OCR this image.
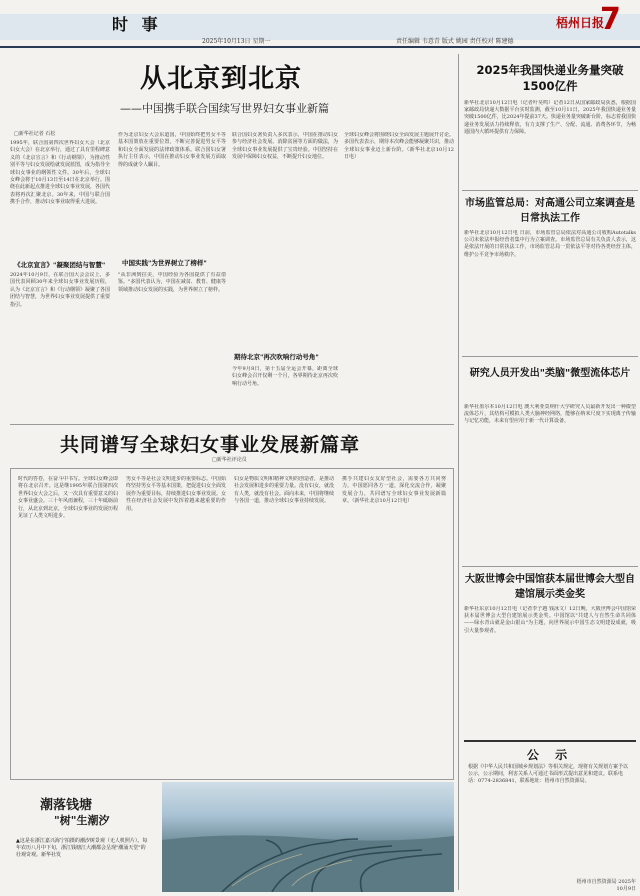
时 事
2025年10月13日 星期一	责任编辑 韦意青 版式 姚园 责任校对 陈建德
梧州日报
7
从北京到北京
——中国携手联合国续写世界妇女事业新篇
□新华社记者 石松
1995年，联合国第四次世界妇女大会（北京妇女大会）在北京举行，通过了具有里程碑意义的《北京宣言》和《行动纲领》，为推动性别平等与妇女发展绘就发展蓝图，成为指导全球妇女事业的纲领性文件。30年后，全球妇女峰会将于10月13日至14日在北京举行。围绕在此新起点推进全球妇女事业发展，各国代表将再次汇聚北京。30年来，中国与联合国携手合作，推动妇女事业取得重大进展。
《北京宣言》"凝聚团结与智慧"
2024年10月9日，在联合国大会会议上，多国代表回顾30年来全球妇女事业发展历程，认为《北京宣言》和《行动纲领》凝聚了各国团结与智慧，为世界妇女事业发展提供了重要指引。
作为北京妇女大会东道国，中国始终把男女平等基本国策放在重要位置，不断完善促进男女平等和妇女全面发展的法律政策体系。联合国妇女署执行主任表示，中国在推动妇女事业发展方面取得的成就令人瞩目。
中国实践"为世界树立了榜样"
"从非洲到拉美，中国经验为各国提供了有益借鉴。"多国代表认为，中国在减贫、教育、健康等领域推动妇女发展的实践，为世界树立了榜样。
联合国妇女署负责人多次表示，中国在推动妇女参与经济社会发展、消除贫困等方面的做法，为全球妇女事业发展提供了宝贵经验。中国坚持在发展中保障妇女权益，不断提升妇女地位。
期待北京"再次吹响行动号角"
今年9月8日，第十五届全运会开幕，距离全球妇女峰会召开仅剩一个月，各界期待北京再次吹响行动号角。
全球妇女峰会将围绕妇女全面发展主题展开讨论。多国代表表示，期待本次峰会能够凝聚共识，推动全球妇女事业迈上新台阶。（新华社北京10月12日电）
共同谱写全球妇女事业发展新篇章
□新华社评论员
时代的答卷，在奋斗中书写。全球妇女峰会即将在北京召开。这是继1995年联合国第四次世界妇女大会之后，又一次具有重要意义的妇女事业盛会。三十年风雨兼程，三十年砥砺前行，从北京到北京，全球妇女事业的发展历程见证了人类文明进步。
男女平等是社会文明进步的重要标志。中国始终坚持男女平等基本国策，把促进妇女全面发展作为重要目标，持续推进妇女事业发展。女性在经济社会发展中发挥着越来越重要的作用。
妇女是物质文明和精神文明的创造者，是推动社会发展和进步的重要力量。没有妇女，就没有人类，就没有社会。面向未来，中国将继续与各国一道，推动全球妇女事业持续发展。
携手共建妇女友好型社会，需要各方共同努力。中国愿同各方一道，深化交流合作，凝聚发展合力，共同谱写全球妇女事业发展新篇章。（新华社北京10月12日电）
潮落钱塘
"树"生潮汐
▲这是在浙江嘉兴海宁拍摄的潮汐树景观（无人机照片）。每年农历八月中下旬，浙江钱塘江大潮都会呈现"潮涌天堂"的壮观奇观。新华社发
2025年我国快递业务量突破1500亿件
新华社北京10月12日电（记者叶昊鸣）记者12日从国家邮政局获悉，根据国家邮政局快递大数据平台实时监测，截至10月11日，2025年我国快递业务量突破1500亿件，比2024年提前37天。快递业务量突破新台阶，标志着我国快递业务发展活力持续释放，有力支撑了生产、分配、流通、消费各环节，为畅通国内大循环提供有力保障。
市场监管总局：对高通公司立案调查是日常执法工作
新华社北京10月12日电 日前，市场监管总局依法对高通公司收购Autotalks公司未依法申报经营者集中行为立案调查。市场监管总局有关负责人表示，这是依法开展的日常执法工作，市场监管总局一贯依法平等对待各类经营主体，维护公平竞争市场秩序。
研究人员开发出"类脑"微型流体芯片
新华社墨尔本10月12日电 澳大利亚莫纳什大学研究人员最新开发出一种微型流体芯片，其结构可模拟人类大脑神经网络，能够在纳米尺度下实现离子传输与记忆功能，未来有望应用于新一代计算设备。
大阪世博会中国馆获本届世博会大型自建馆展示类金奖
新华社东京10月12日电（记者李子越 钱泳文）12日晚，大阪世博会中国馆荣获本届世博会大型自建馆展示类金奖。中国馆以"共建人与自然生命共同体——绿水青山就是金山银山"为主题，向世界展示中国生态文明建设成就，吸引大量参观者。
公 示
根据《中华人民共和国城乡规划法》等相关规定，现将有关规划方案予以公示，公示期间，利害关系人可通过书面形式提出意见和建议。联系电话：0774-2836841，联系地址：梧州市自然资源局。
梧州市自然资源局 2025年10月9日
